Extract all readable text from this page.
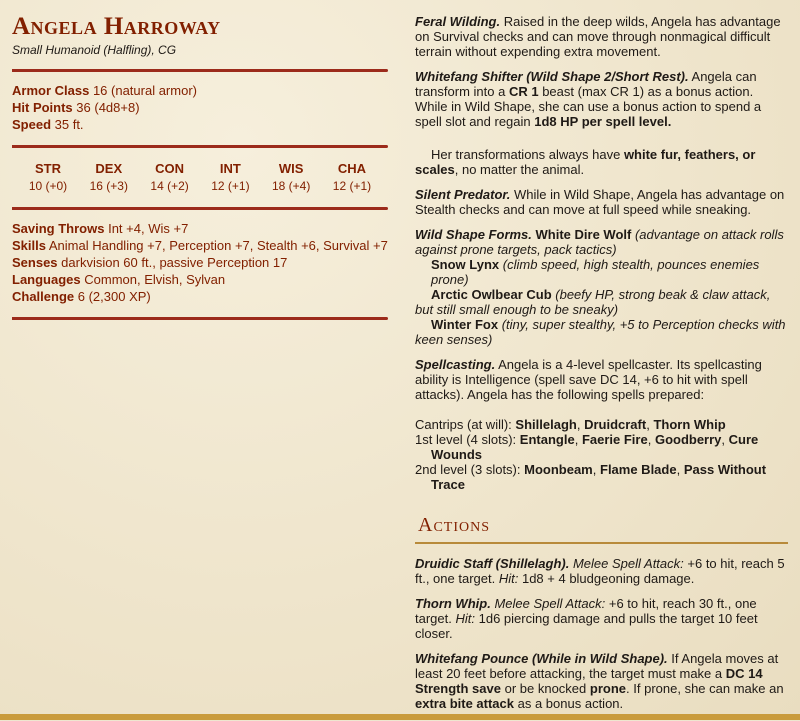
Angela Harroway
Small Humanoid (Halfling), CG
Armor Class 16 (natural armor)
Hit Points 36 (4d8+8)
Speed 35 ft.
STR
10 (+0)
DEX
16 (+3)
CON
14 (+2)
INT
12 (+1)
WIS
18 (+4)
CHA
12 (+1)
Saving Throws Int +4, Wis +7
Skills Animal Handling +7, Perception +7, Stealth +6, Survival +7
Senses darkvision 60 ft., passive Perception 17
Languages Common, Elvish, Sylvan
Challenge 6 (2,300 XP)

Feral Wilding. Raised in the deep wilds, Angela has advantage on Survival checks and can move through nonmagical difficult terrain without expending extra movement.

Whitefang Shifter (Wild Shape 2/Short Rest). Angela can transform into a CR 1 beast (max CR 1) as a bonus action. While in Wild Shape, she can use a bonus action to spend a spell slot and regain 1d8 HP per spell level.

Her transformations always have white fur, feathers, or scales, no matter the animal.

Silent Predator. While in Wild Shape, Angela has advantage on Stealth checks and can move at full speed while sneaking.

Wild Shape Forms. White Dire Wolf (advantage on attack rolls against prone targets, pack tactics)
Snow Lynx (climb speed, high stealth, pounces enemies prone)
Arctic Owlbear Cub (beefy HP, strong beak & claw attack, but still small enough to be sneaky)
Winter Fox (tiny, super stealthy, +5 to Perception checks with keen senses)

Spellcasting. Angela is a 4-level spellcaster. Its spellcasting ability is Intelligence (spell save DC 14, +6 to hit with spell attacks). Angela has the following spells prepared:

Cantrips (at will): Shillelagh, Druidcraft, Thorn Whip
1st level (4 slots): Entangle, Faerie Fire, Goodberry, Cure Wounds
2nd level (3 slots): Moonbeam, Flame Blade, Pass Without Trace
Actions

Druidic Staff (Shillelagh). Melee Spell Attack: +6 to hit, reach 5 ft., one target. Hit: 1d8 + 4 bludgeoning damage.

Thorn Whip. Melee Spell Attack: +6 to hit, reach 30 ft., one target. Hit: 1d6 piercing damage and pulls the target 10 feet closer.

Whitefang Pounce (While in Wild Shape). If Angela moves at least 20 feet before attacking, the target must make a DC 14 Strength save or be knocked prone. If prone, she can make an extra bite attack as a bonus action.
